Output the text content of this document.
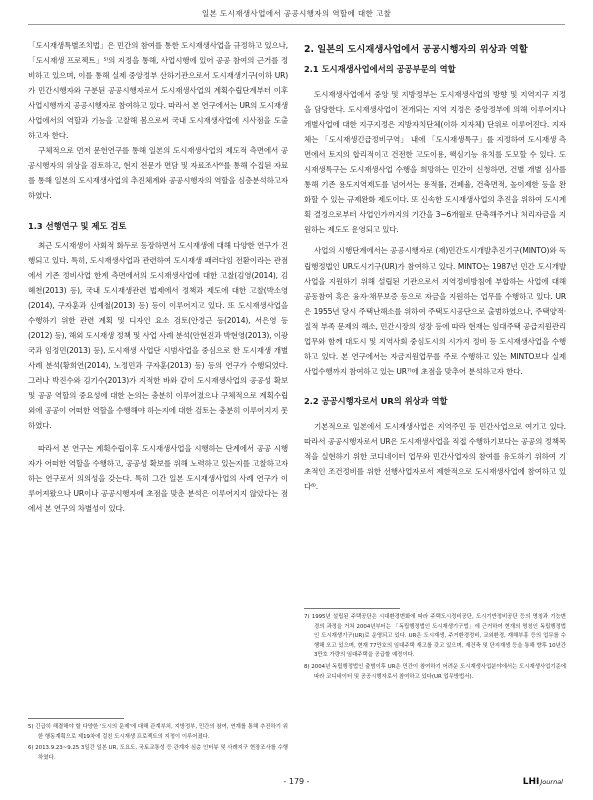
일본 도시재생사업에서 공공시행자의 역할에 대한 고찰

「도시재생특별조치법」은 민간의 참여를 통한 도시재생사업을 규정하고 있으나, 「도시재생 프로젝트」⁵⁾의 지정을 통해, 사업시행에 있어 공공 참여의 근거를 정비하고 있으며, 이를 통해 실제 중앙정부 산하기관으로서 도시재생기구(이하 UR)가 민간시행자와 구분된 공공시행자로서 도시재생사업의 계획수립단계부터 이후 사업시행까지 공공시행자로 참여하고 있다. 따라서 본 연구에서는 UR의 도시재생사업에서의 역할과 기능을 고찰해 봄으로써 국내 도시재생사업에 시사점을 도출하고자 한다.

구체적으로 먼저 문헌연구를 통해 일본의 도시재생사업의 제도적 측면에서 공공시행자의 위상을 검토하고, 현지 전문가 면담 및 자료조사⁶⁾를 통해 수집된 자료를 통해 일본의 도시재생사업의 추진체계와 공공시행자의 역할을 심층분석하고자 하였다.

1.3 선행연구 및 제도 검토

최근 도시재생이 사회적 화두로 등장하면서 도시재생에 대해 다양한 연구가 진행되고 있다. 특히, 도시재생사업과 관련하여 도시재생 패러다임 전환이라는 관점에서 기존 정비사업 한계 측면에서의 도시재생사업에 대한 고찰(김영(2014), 김혜천(2013) 등), 국내 도시재생관련 법제에서 정책과 제도에 대한 고찰(박소영(2014), 구자훈과 신예철(2013) 등) 등이 이루어지고 있다. 또 도시재생사업을 수행하기 위한 관련 계획 및 디자인 요소 검토(안정근 등(2014), 서은영 등(2012) 등), 해외 도시재생 정책 및 사업 사례 분석(안현진과 박현영(2013), 이광국과 임정민(2013) 등), 도시재생 사업단 시범사업을 중심으로 한 도시재생 개별 사례 분석(황희연(2014), 노정민과 구자훈(2013) 등) 등의 연구가 수행되었다. 그러나 박진수와 김기수(2013)가 지적한 바와 같이 도시재생사업의 공공성 확보 및 공공 역할의 중요성에 대한 논의는 충분히 이루어졌으나 구체적으로 계획수립 외에 공공이 어떠한 역할을 수행해야 하는지에 대한 검토는 충분히 이루어지지 못하였다.

따라서 본 연구는 계획수립이후 도시재생사업을 시행하는 단계에서 공공 시행자가 어떠한 역할을 수행하고, 공공성 확보를 위해 노력하고 있는지를 고찰하고자 하는 연구로서 의의성을 갖는다. 특히 그간 일본 도시재생사업의 사례 연구가 이루어져왔으나 UR이나 공공시행자에 초점을 맞춘 분석은 이루어지지 않았다는 점에서 본 연구의 차별성이 있다.

5) 긴급히 해결해야 할 다양한 '도시의 문제'에 대해 관계부처, 지방정부, 민간의 참여, 연계를 통해 추진하기 위한 행동계획으로 제19차에 걸친 도시재생 프로젝트의 지정이 이루어졌다.

6) 2013.9.23~9.25 3일간 일본 UR, 도요도, 국토교통성 등 관계자 심층 인터뷰 및 사례지구 현장조사를 수행하였다.

2. 일본의 도시재생사업에서 공공시행자의 위상과 역할
2.1 도시재생사업에서의 공공부문의 역할

도시재생사업에서 중앙 및 지방정부는 도시재생사업의 방향 및 지역지구 지정을 담당한다. 도시재생사업이 전개되는 지역 지정은 중앙정부에 의해 이루어지나 개별사업에 대한 지구지정은 지방자치단체(이하 지자체) 단위로 이루어진다. 지자체는 「도시재생긴급정비구역」 내에 「도시재생특구」를 지정하여 도시재생 측면에서 토지의 합리적이고 건전한 고도이용, 핵심기능 유치를 도모할 수 있다. 도시재생특구는 도시재생사업 수행을 희망하는 민간이 신청하면, 건별 개별 심사를 통해 기존 용도지역제도를 넘어서는 용적률, 건폐율, 건축면적, 높이제한 등을 완화할 수 있는 규제완화 제도이다. 또 신속한 도시재생사업의 추진을 위하여 도시계획 결정으로부터 사업인가까지의 기간을 3~6개월로 단축해주거나 처리자금을 지원하는 제도도 운영되고 있다.

사업의 시행단계에서는 공공시행자로 (재)민간도시개발추진기구(MINTO)와 독립행정법인 UR도시기구(UR)가 참여하고 있다. MINTO는 1987년 민간 도시개발사업을 지원하기 위해 설립된 기관으로서 지역정비방침에 부합하는 사업에 대해 공동참여 혹은 융자·채무보증 등으로 자금을 지원하는 업무를 수행하고 있다. UR은 1955년 당시 주택난해소를 위하여 주택도시공단으로 출범하였으나, 주택양적·질적 부족 문제의 해소, 민간시장의 성장 등에 따라 현재는 임대주택 공급지원관리업무와 함께 대도시 및 지역사회 중심도시의 시가지 정비 등 도시재생사업을 수행하고 있다. 본 연구에서는 자금지원업무를 주로 수행하고 있는 MINTO보다 실제 사업수행까지 참여하고 있는 UR⁷⁾에 초점을 맞추어 분석하고자 한다.

2.2 공공시행자로서 UR의 위상과 역할

기본적으로 일본에서 도시재생사업은 지역주민 등 민간사업으로 여기고 있다. 따라서 공공시행자로서 UR은 도시재생사업을 직접 수행하기보다는 공공의 정책목적을 실현하기 위한 코디네이터 업무와 민간사업자의 참여를 유도하기 위하여 기초적인 조건정비를 위한 선행사업자로서 제한적으로 도시재생사업에 참여하고 있다⁸⁾.

7) 1995년 설립된 주택공단은 시대환경변화에 따라 주택도시정비공단, 도시기반정비공단 등의 명칭과 기능변경의 과정을 거쳐 2004년부터는 「독립행정법인 도시재생기구법」에 근거하여 현재의 명칭인 독립행정법인 도시재생기구(UR)로 운영되고 있다. UR은 도시재생, 주거환경정비, 교외환경, 재해부흥 등의 업무를 수행해 오고 있으며, 현재 77만호의 임대주택 재고를 갖고 있으며, 재건축 및 단지재생 등을 통해 향후 10년간 3만호 가량의 임대주택을 공급할 예정이다.

8) 2004년 독립행정법인 출범이후 UR은 민간이 참여하기 어려운 도시재생사업분야에서는 도시재생사업기준에 따라 코디네이터 및 공공시행자로서 참여하고 있다(UR 업무방법서).

- 179 -	LHIJournal
